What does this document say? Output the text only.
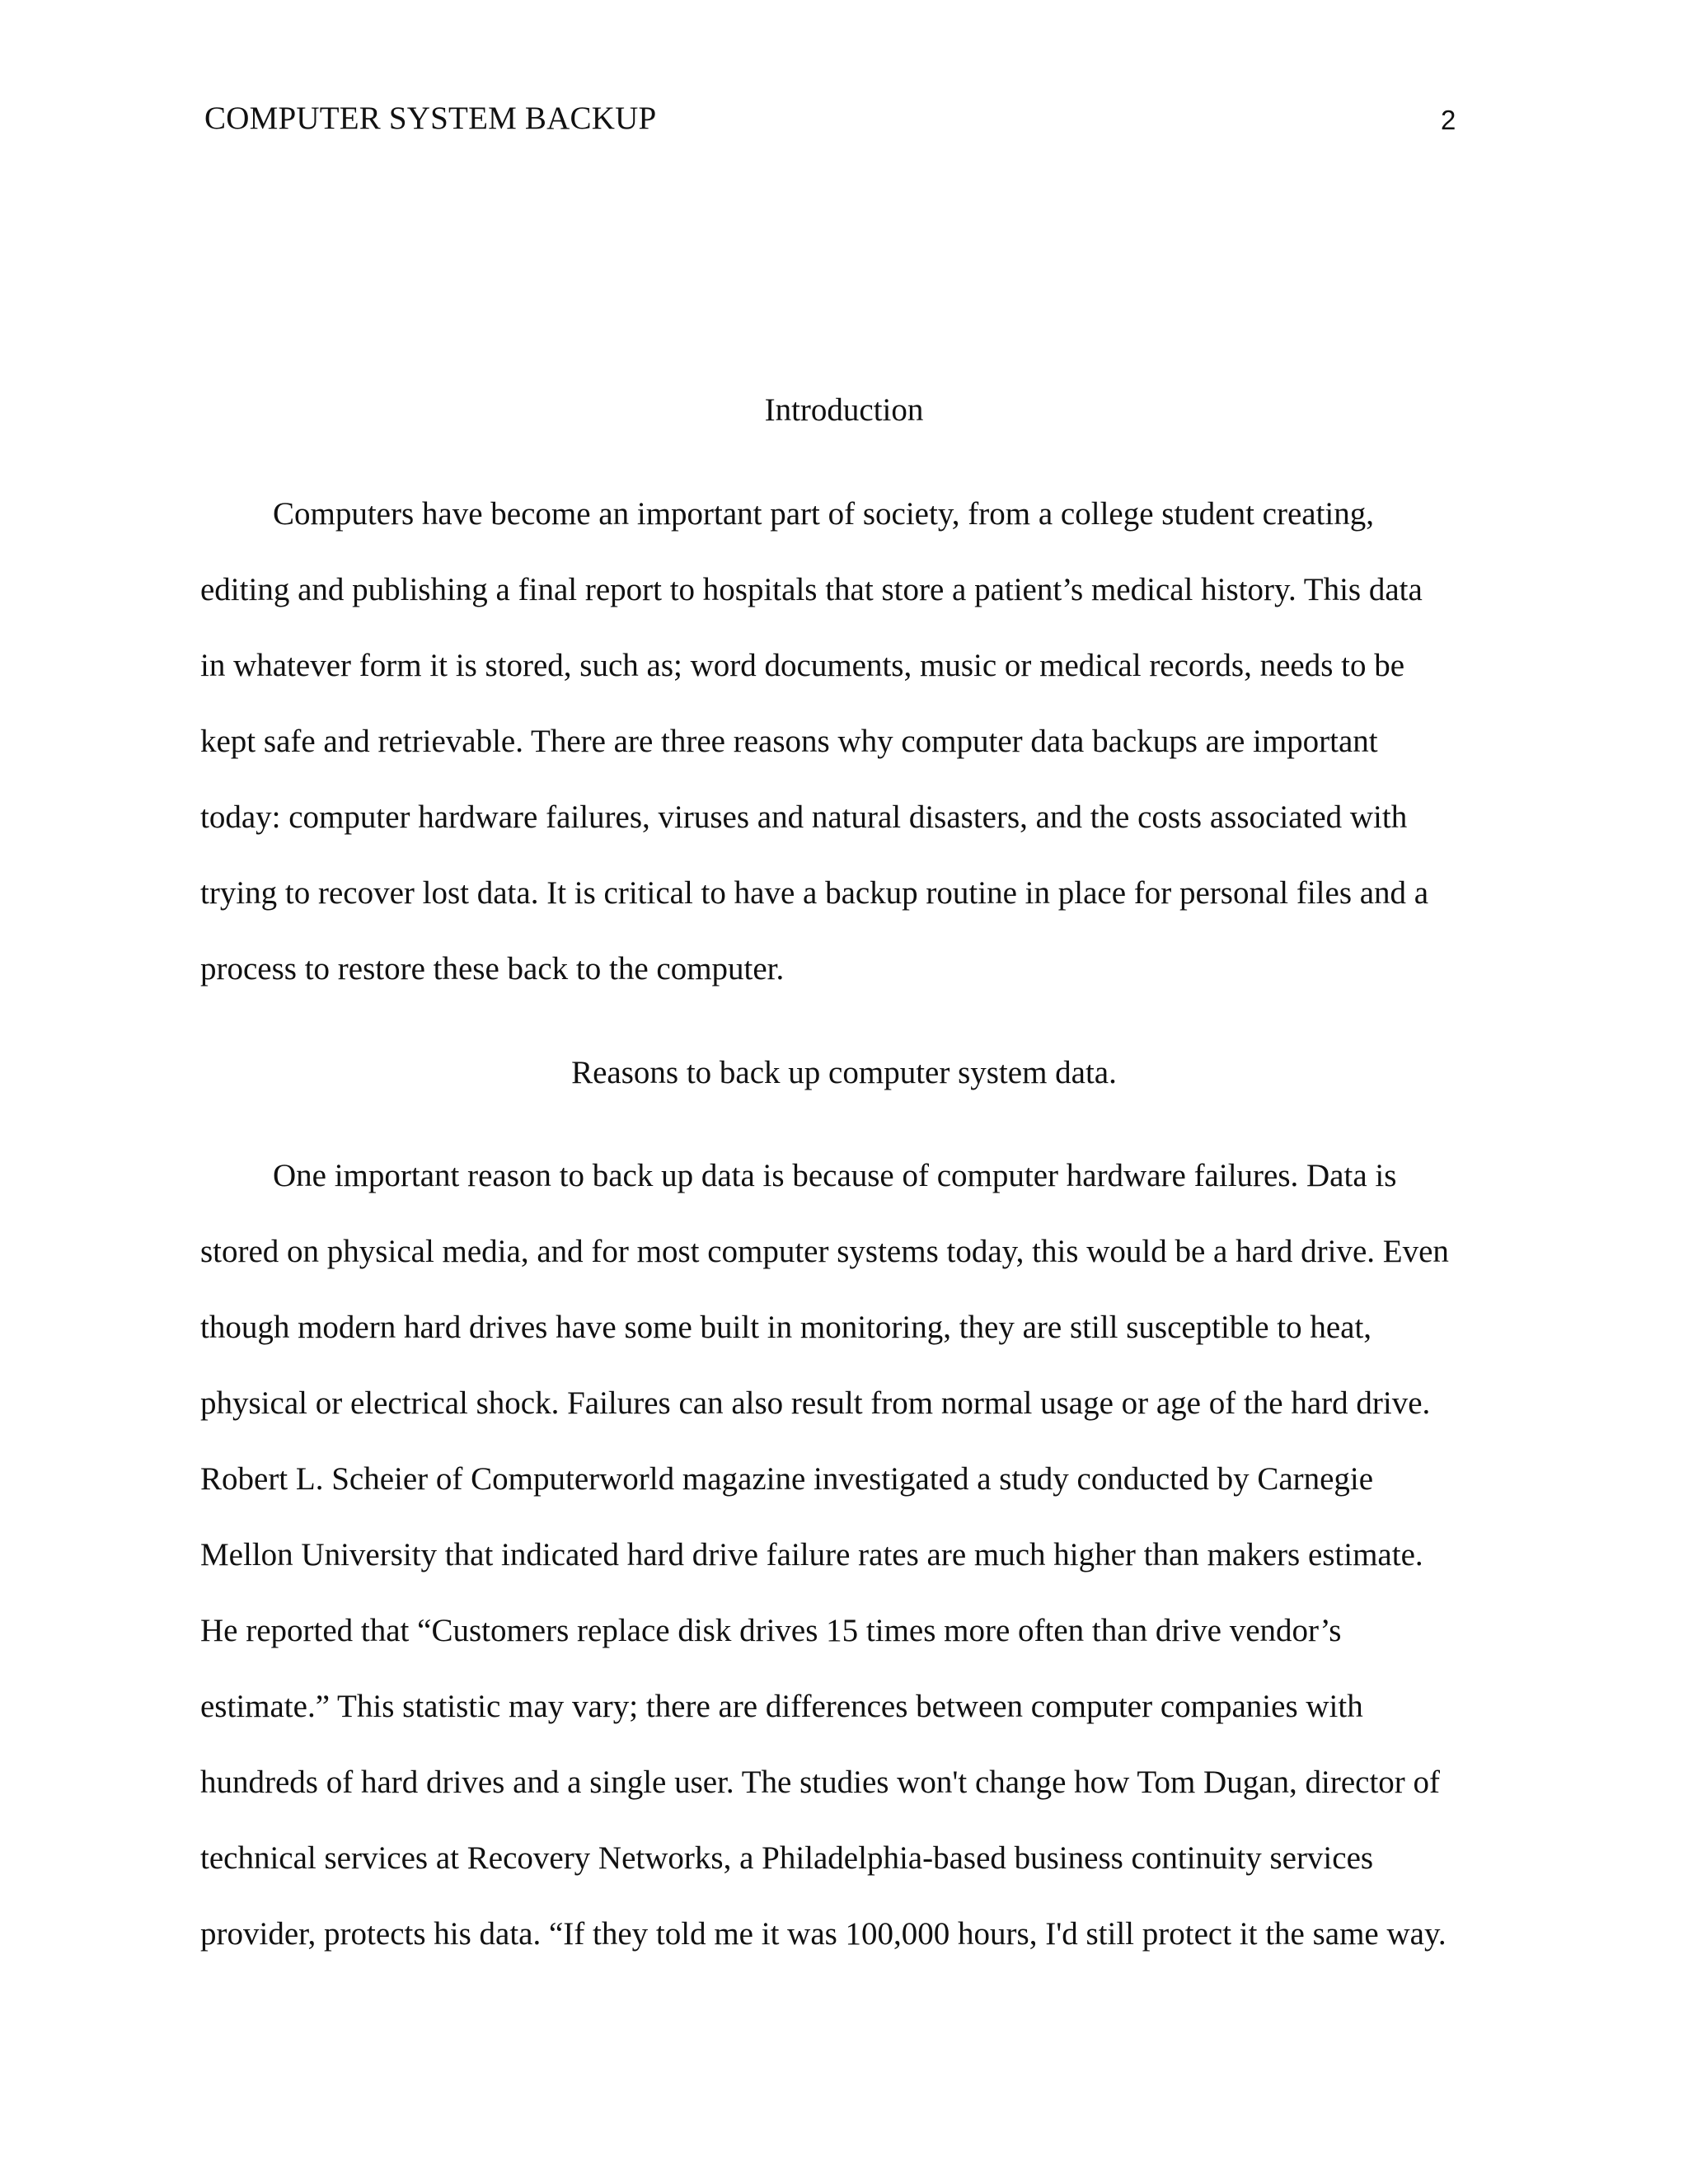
COMPUTER SYSTEM BACKUP	2
Introduction
Computers have become an important part of society, from a college student creating,
editing and publishing a final report to hospitals that store a patient’s medical history. This data
in whatever form it is stored, such as; word documents, music or medical records, needs to be
kept safe and retrievable. There are three reasons why computer data backups are important
today: computer hardware failures, viruses and natural disasters, and the costs associated with
trying to recover lost data. It is critical to have a backup routine in place for personal files and a
process to restore these back to the computer.
Reasons to back up computer system data.
One important reason to back up data is because of computer hardware failures. Data is
stored on physical media, and for most computer systems today, this would be a hard drive. Even
though modern hard drives have some built in monitoring, they are still susceptible to heat,
physical or electrical shock. Failures can also result from normal usage or age of the hard drive.
Robert L. Scheier of Computerworld magazine investigated a study conducted by Carnegie
Mellon University that indicated hard drive failure rates are much higher than makers estimate.
He reported that “Customers replace disk drives 15 times more often than drive vendor’s
estimate.” This statistic may vary; there are differences between computer companies with
hundreds of hard drives and a single user. The studies won't change how Tom Dugan, director of
technical services at Recovery Networks, a Philadelphia-based business continuity services
provider, protects his data. “If they told me it was 100,000 hours, I'd still protect it the same way.
